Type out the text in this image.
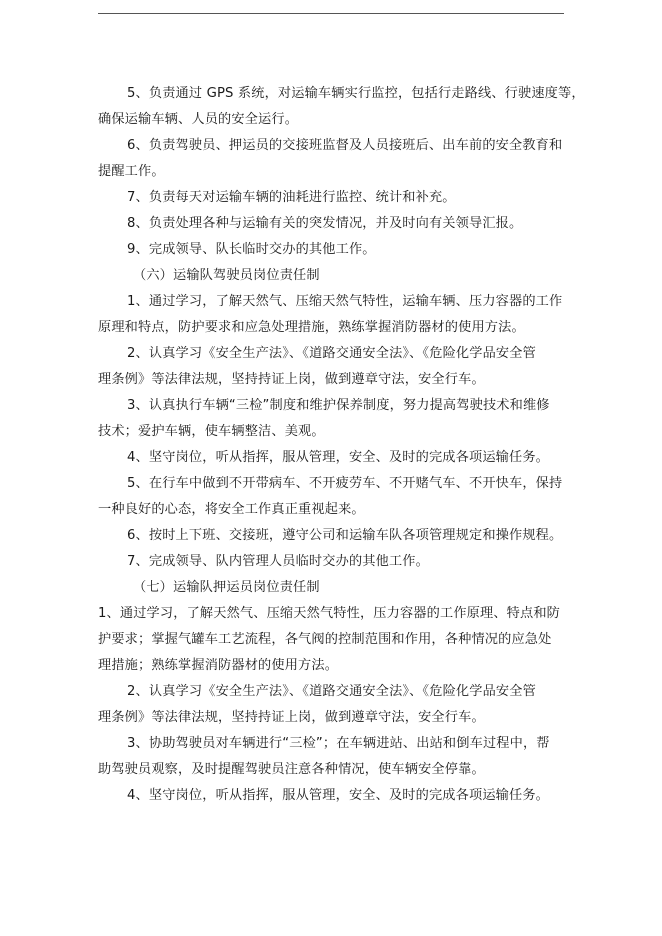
5、负责通过 GPS 系统，对运输车辆实行监控，包括行走路线、行驶速度等，
确保运输车辆、人员的安全运行。
6、负责驾驶员、押运员的交接班监督及人员接班后、出车前的安全教育和
提醒工作。
7、负责每天对运输车辆的油耗进行监控、统计和补充。
8、负责处理各种与运输有关的突发情况，并及时向有关领导汇报。
9、完成领导、队长临时交办的其他工作。
（六）运输队驾驶员岗位责任制
1、通过学习，了解天然气、压缩天然气特性，运输车辆、压力容器的工作
原理和特点，防护要求和应急处理措施，熟练掌握消防器材的使用方法。
2、认真学习《安全生产法》、《道路交通安全法》、《危险化学品安全管
理条例》等法律法规，坚持持证上岗，做到遵章守法，安全行车。
3、认真执行车辆“三检”制度和维护保养制度，努力提高驾驶技术和维修
技术；爱护车辆，使车辆整洁、美观。
4、坚守岗位，听从指挥，服从管理，安全、及时的完成各项运输任务。
5、在行车中做到不开带病车、不开疲劳车、不开赌气车、不开快车，保持
一种良好的心态，将安全工作真正重视起来。
6、按时上下班、交接班，遵守公司和运输车队各项管理规定和操作规程。
7、完成领导、队内管理人员临时交办的其他工作。
（七）运输队押运员岗位责任制
1、通过学习，了解天然气、压缩天然气特性，压力容器的工作原理、特点和防
护要求；掌握气罐车工艺流程，各气阀的控制范围和作用，各种情况的应急处
理措施；熟练掌握消防器材的使用方法。
2、认真学习《安全生产法》、《道路交通安全法》、《危险化学品安全管
理条例》等法律法规，坚持持证上岗，做到遵章守法，安全行车。
3、协助驾驶员对车辆进行“三检”；在车辆进站、出站和倒车过程中，帮
助驾驶员观察，及时提醒驾驶员注意各种情况，使车辆安全停靠。
4、坚守岗位，听从指挥，服从管理，安全、及时的完成各项运输任务。
